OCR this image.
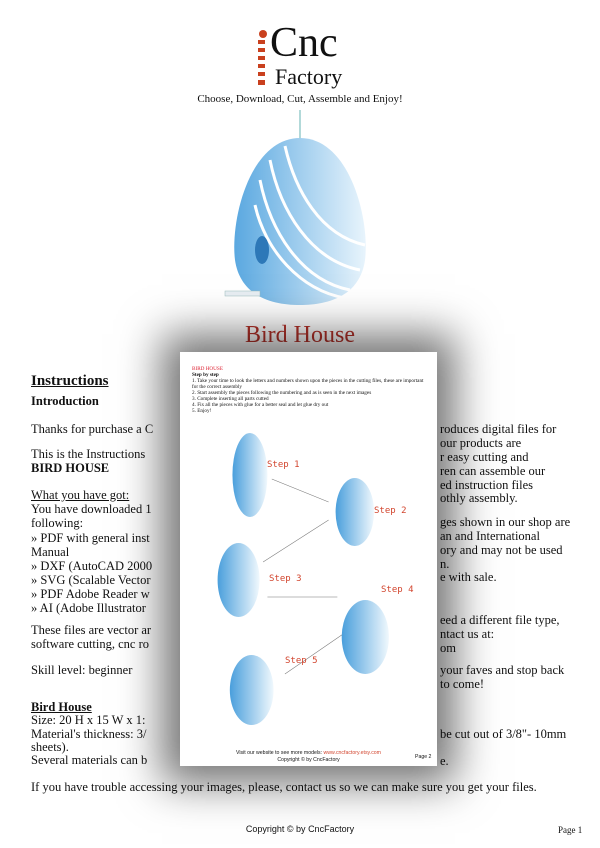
Cnc
Factory
Choose, Download, Cut, Assemble and Enjoy!
Bird House
Instructions
Introduction
Thanks for purchase a C
This is the Instructions
BIRD HOUSE
What you have got:
You have downloaded 1
following:
» PDF with general inst
Manual
» DXF (AutoCAD 2000
» SVG (Scalable Vector
» PDF Adobe Reader w
» AI (Adobe Illustrator
These files are vector ar
software cutting, cnc ro
Skill level: beginner
Bird House
Size: 20 H x 15 W x 1:
Material's thickness: 3/
sheets).
Several materials can b
If you have trouble accessing your images, please, contact us so we can make sure you get your files.
roduces digital files for
our products are
r easy cutting and
ren can assemble our
ed instruction files
othly assembly.
ges shown in our shop are
an and International
ory and may not be used
n.
e with sale.
eed a different file type,
ntact us at:
om
your faves and stop back
to come!
be cut out of 3/8"- 10mm
e.
BIRD HOUSE
Step by step
1. Take your time to look the letters and numbers shown upon the pieces in the cutting files, these are important
for the correct assembly
2. Start assembly the pieces following the numbering and as is seen in the next images
3. Complete inserting all parts cutted
4. Fix all the pieces with glue for a better seal and let glue dry out
5. Enjoy!
Step 1
Step 2
Step 3
Step 4
Step 5
Visit our website to see more models: www.cncfactory.etsy.com
Copyright © by CncFactory	Page 2
Copyright © by CncFactory	Page 1
